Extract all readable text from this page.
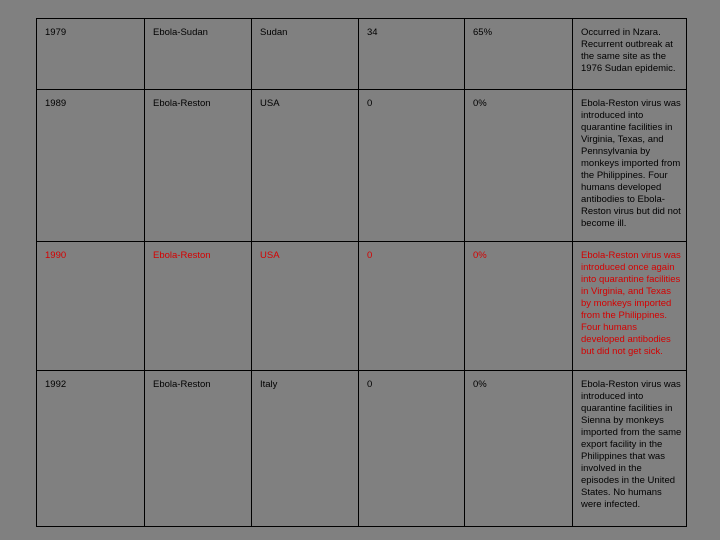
1979	Ebola-Sudan	Sudan	34	65%	Occurred in Nzara. Recurrent outbreak at the same site as the 1976 Sudan epidemic.
1989	Ebola-Reston	USA	0	0%	Ebola-Reston virus was introduced into quarantine facilities in Virginia, Texas, and Pennsylvania by monkeys imported from the Philippines. Four humans developed antibodies to Ebola-Reston virus but did not become ill.
1990	Ebola-Reston	USA	0	0%	Ebola-Reston virus was introduced once again into quarantine facilities in Virginia, and Texas by monkeys imported from the Philippines. Four humans developed antibodies but did not get sick.
1992	Ebola-Reston	Italy	0	0%	Ebola-Reston virus was introduced into quarantine facilities in Sienna by monkeys imported from the same export facility in the Philippines that was involved in the episodes in the United States. No humans were infected.
